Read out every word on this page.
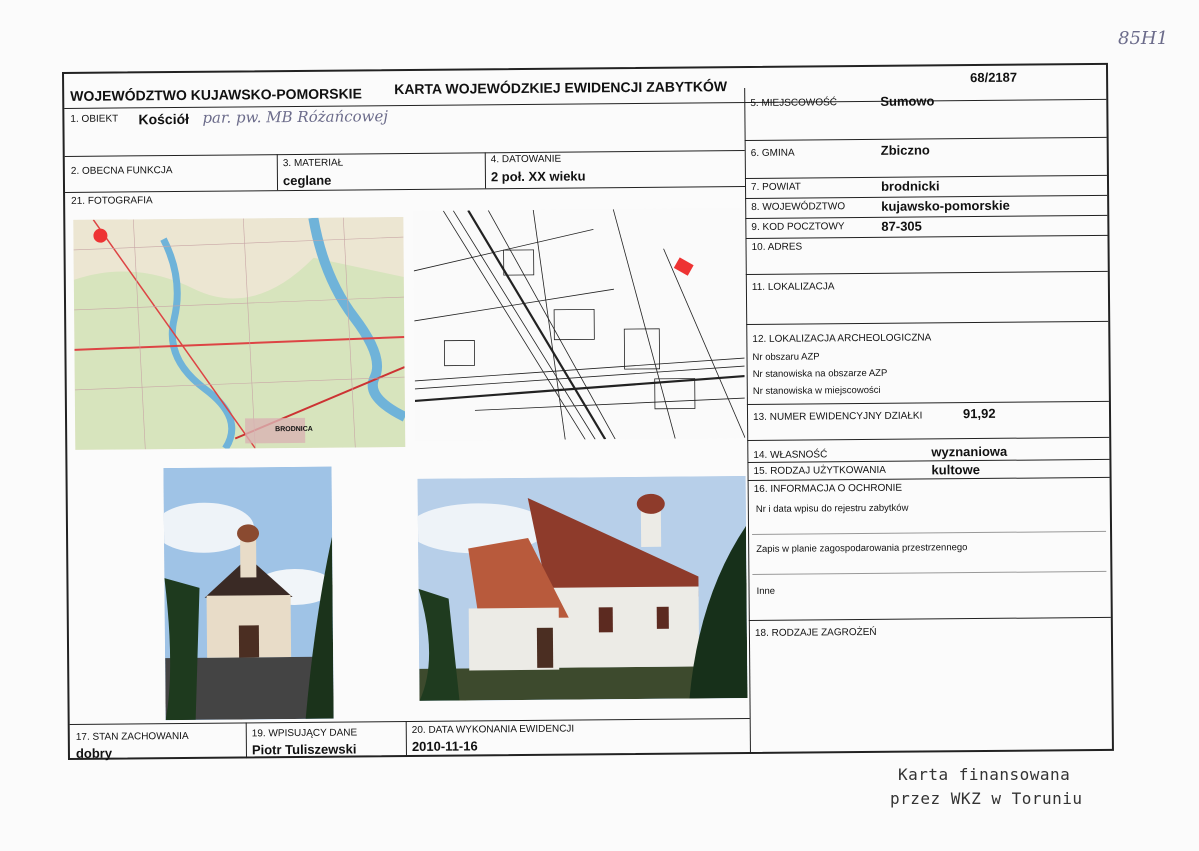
85H1
WOJEWÓDZTWO KUJAWSKO-POMORSKIE KARTA WOJEWÓDZKIEJ EWIDENCJI ZABYTKÓW
68/2187
1. OBIEKT Kościół par. pw. MB Różańcowej
2. OBECNA FUNKCJA
3. MATERIAŁ
ceglane
4. DATOWANIE
2 poł. XX wieku
21. FOTOGRAFIA
BRODNICA
17. STAN ZACHOWANIA
dobry
19. WPISUJĄCY DANE
Piotr Tuliszewski
20. DATA WYKONANIA EWIDENCJI
2010-11-16
5. MIEJSCOWOŚĆ	Sumowo
6. GMINA	Zbiczno
7. POWIAT	brodnicki
8. WOJEWÓDZTWO	kujawsko-pomorskie
9. KOD POCZTOWY	87-305
10. ADRES
11. LOKALIZACJA
12. LOKALIZACJA ARCHEOLOGICZNA
Nr obszaru AZP
Nr stanowiska na obszarze AZP
Nr stanowiska w miejscowości
13. NUMER EWIDENCYJNY DZIAŁKI	91,92
14. WŁASNOŚĆ	wyznaniowa
15. RODZAJ UŻYTKOWANIA	kultowe
16. INFORMACJA O OCHRONIE
Nr i data wpisu do rejestru zabytków
Zapis w planie zagospodarowania przestrzennego
Inne
18. RODZAJE ZAGROŻEŃ
Karta finansowana
przez WKZ w Toruniu
